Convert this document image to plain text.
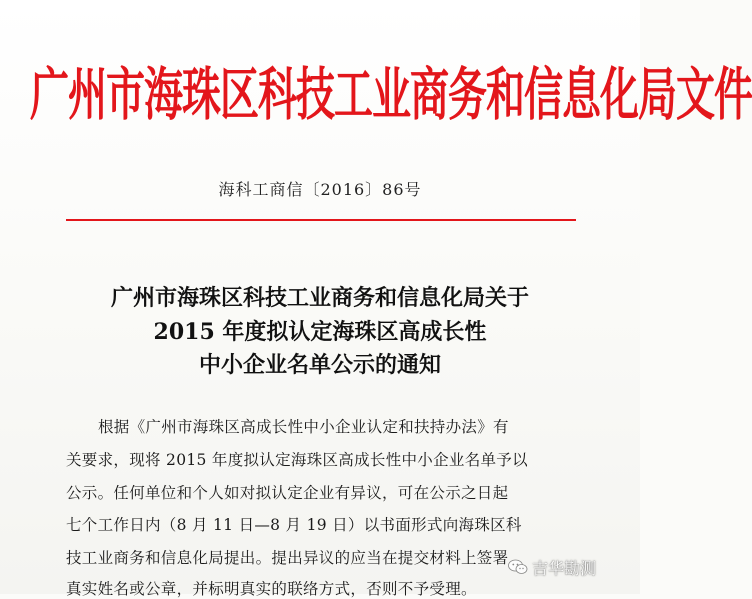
广州市海珠区科技工业商务和信息化局文件
海科工商信〔2016〕86号
广州市海珠区科技工业商务和信息化局关于
2015 年度拟认定海珠区高成长性
中小企业名单公示的通知
根据《广州市海珠区高成长性中小企业认定和扶持办法》有
关要求，现将 2015 年度拟认定海珠区高成长性中小企业名单予以
公示。任何单位和个人如对拟认定企业有异议，可在公示之日起
七个工作日内（8 月 11 日—8 月 19 日）以书面形式向海珠区科
技工业商务和信息化局提出。提出异议的应当在提交材料上签署
真实姓名或公章，并标明真实的联络方式，否则不予受理。
吉华勘测
